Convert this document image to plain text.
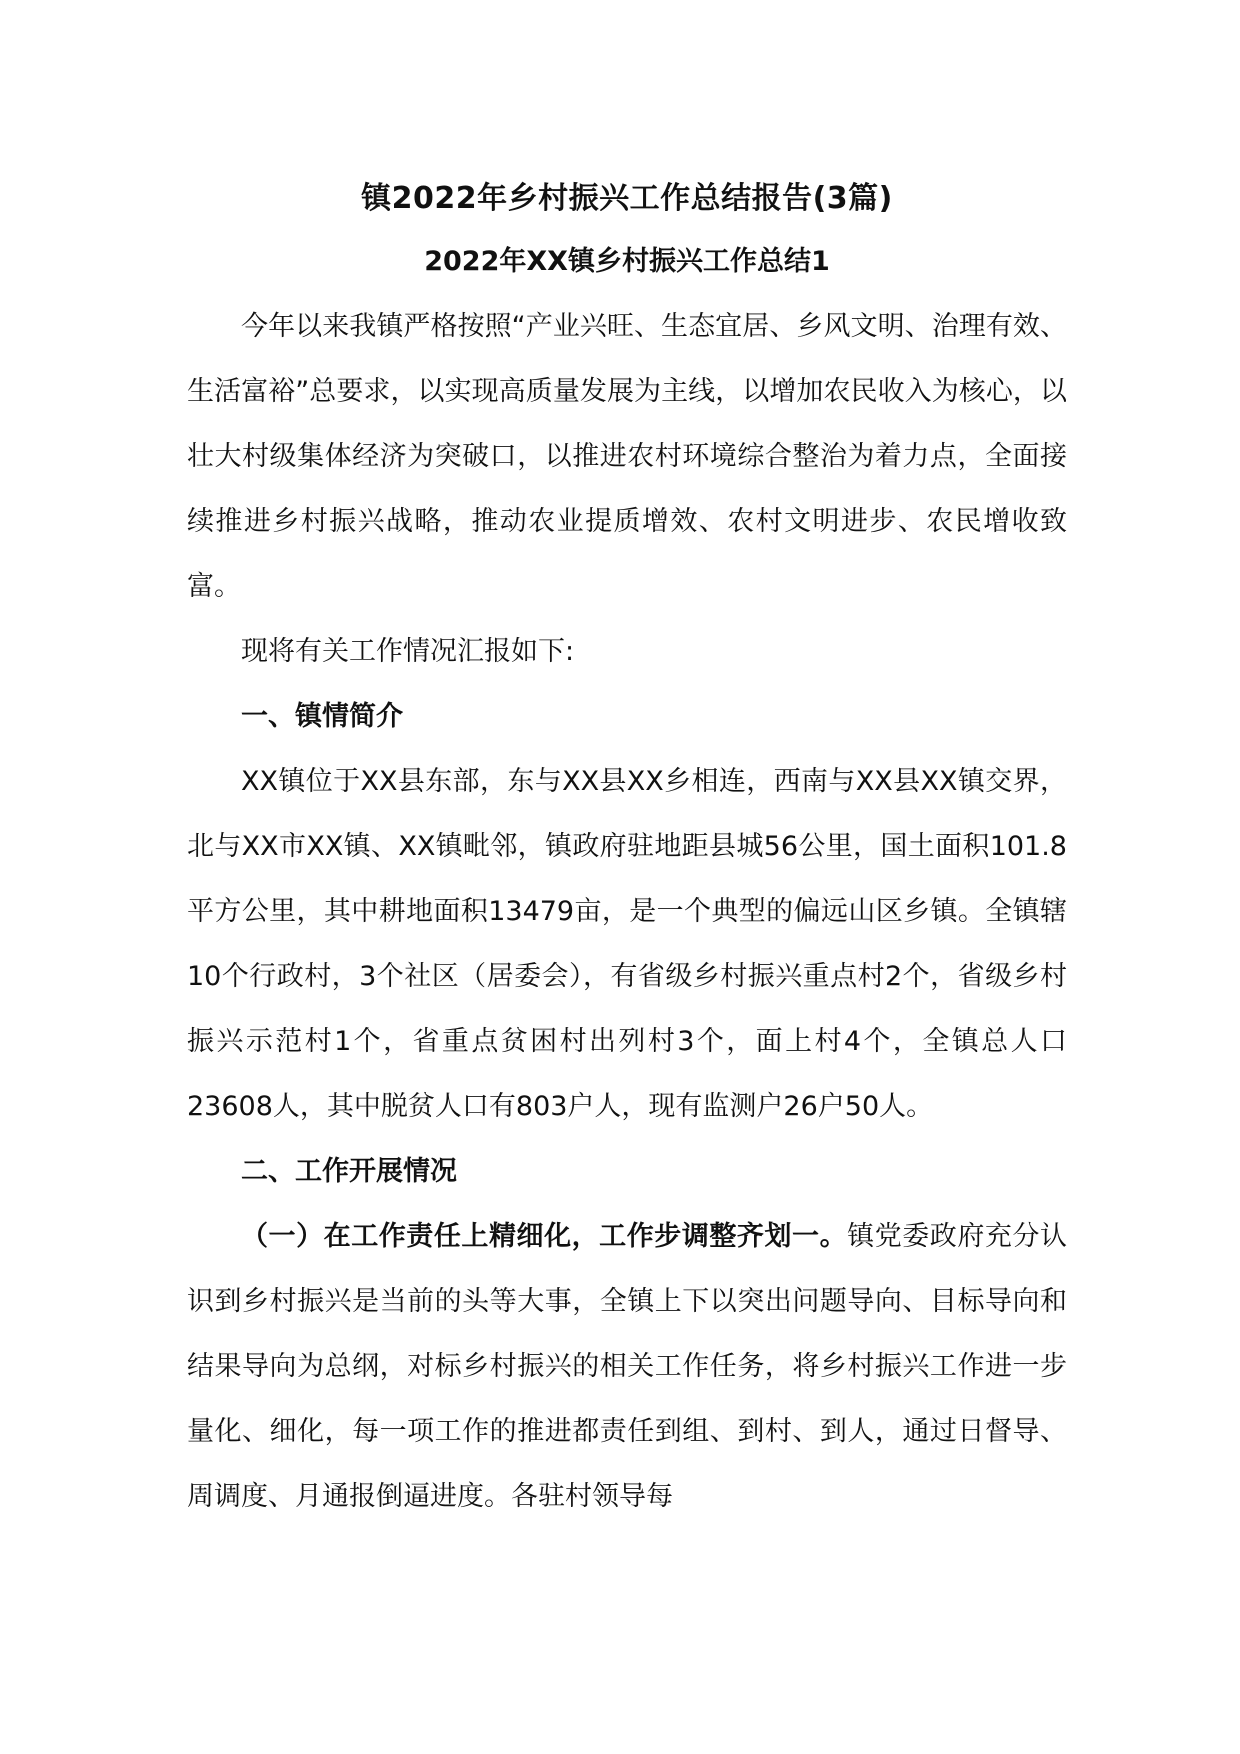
镇2022年乡村振兴工作总结报告(3篇)
2022年XX镇乡村振兴工作总结1

今年以来我镇严格按照“产业兴旺、生态宜居、乡风文明、治理有效、生活富裕”总要求，以实现高质量发展为主线，以增加农民收入为核心，以壮大村级集体经济为突破口，以推进农村环境综合整治为着力点，全面接续推进乡村振兴战略，推动农业提质增效、农村文明进步、农民增收致富。

现将有关工作情况汇报如下:

一、镇情简介

XX镇位于XX县东部，东与XX县XX乡相连，西南与XX县XX镇交界，北与XX市XX镇、XX镇毗邻，镇政府驻地距县城56公里，国土面积101.8平方公里，其中耕地面积13479亩，是一个典型的偏远山区乡镇。全镇辖10个行政村，3个社区（居委会），有省级乡村振兴重点村2个，省级乡村振兴示范村1个，省重点贫困村出列村3个，面上村4个，全镇总人口23608人，其中脱贫人口有803户人，现有监测户26户50人。

二、工作开展情况

（一）在工作责任上精细化，工作步调整齐划一。镇党委政府充分认识到乡村振兴是当前的头等大事，全镇上下以突出问题导向、目标导向和结果导向为总纲，对标乡村振兴的相关工作任务，将乡村振兴工作进一步量化、细化，每一项工作的推进都责任到组、到村、到人，通过日督导、周调度、月通报倒逼进度。各驻村领导每
